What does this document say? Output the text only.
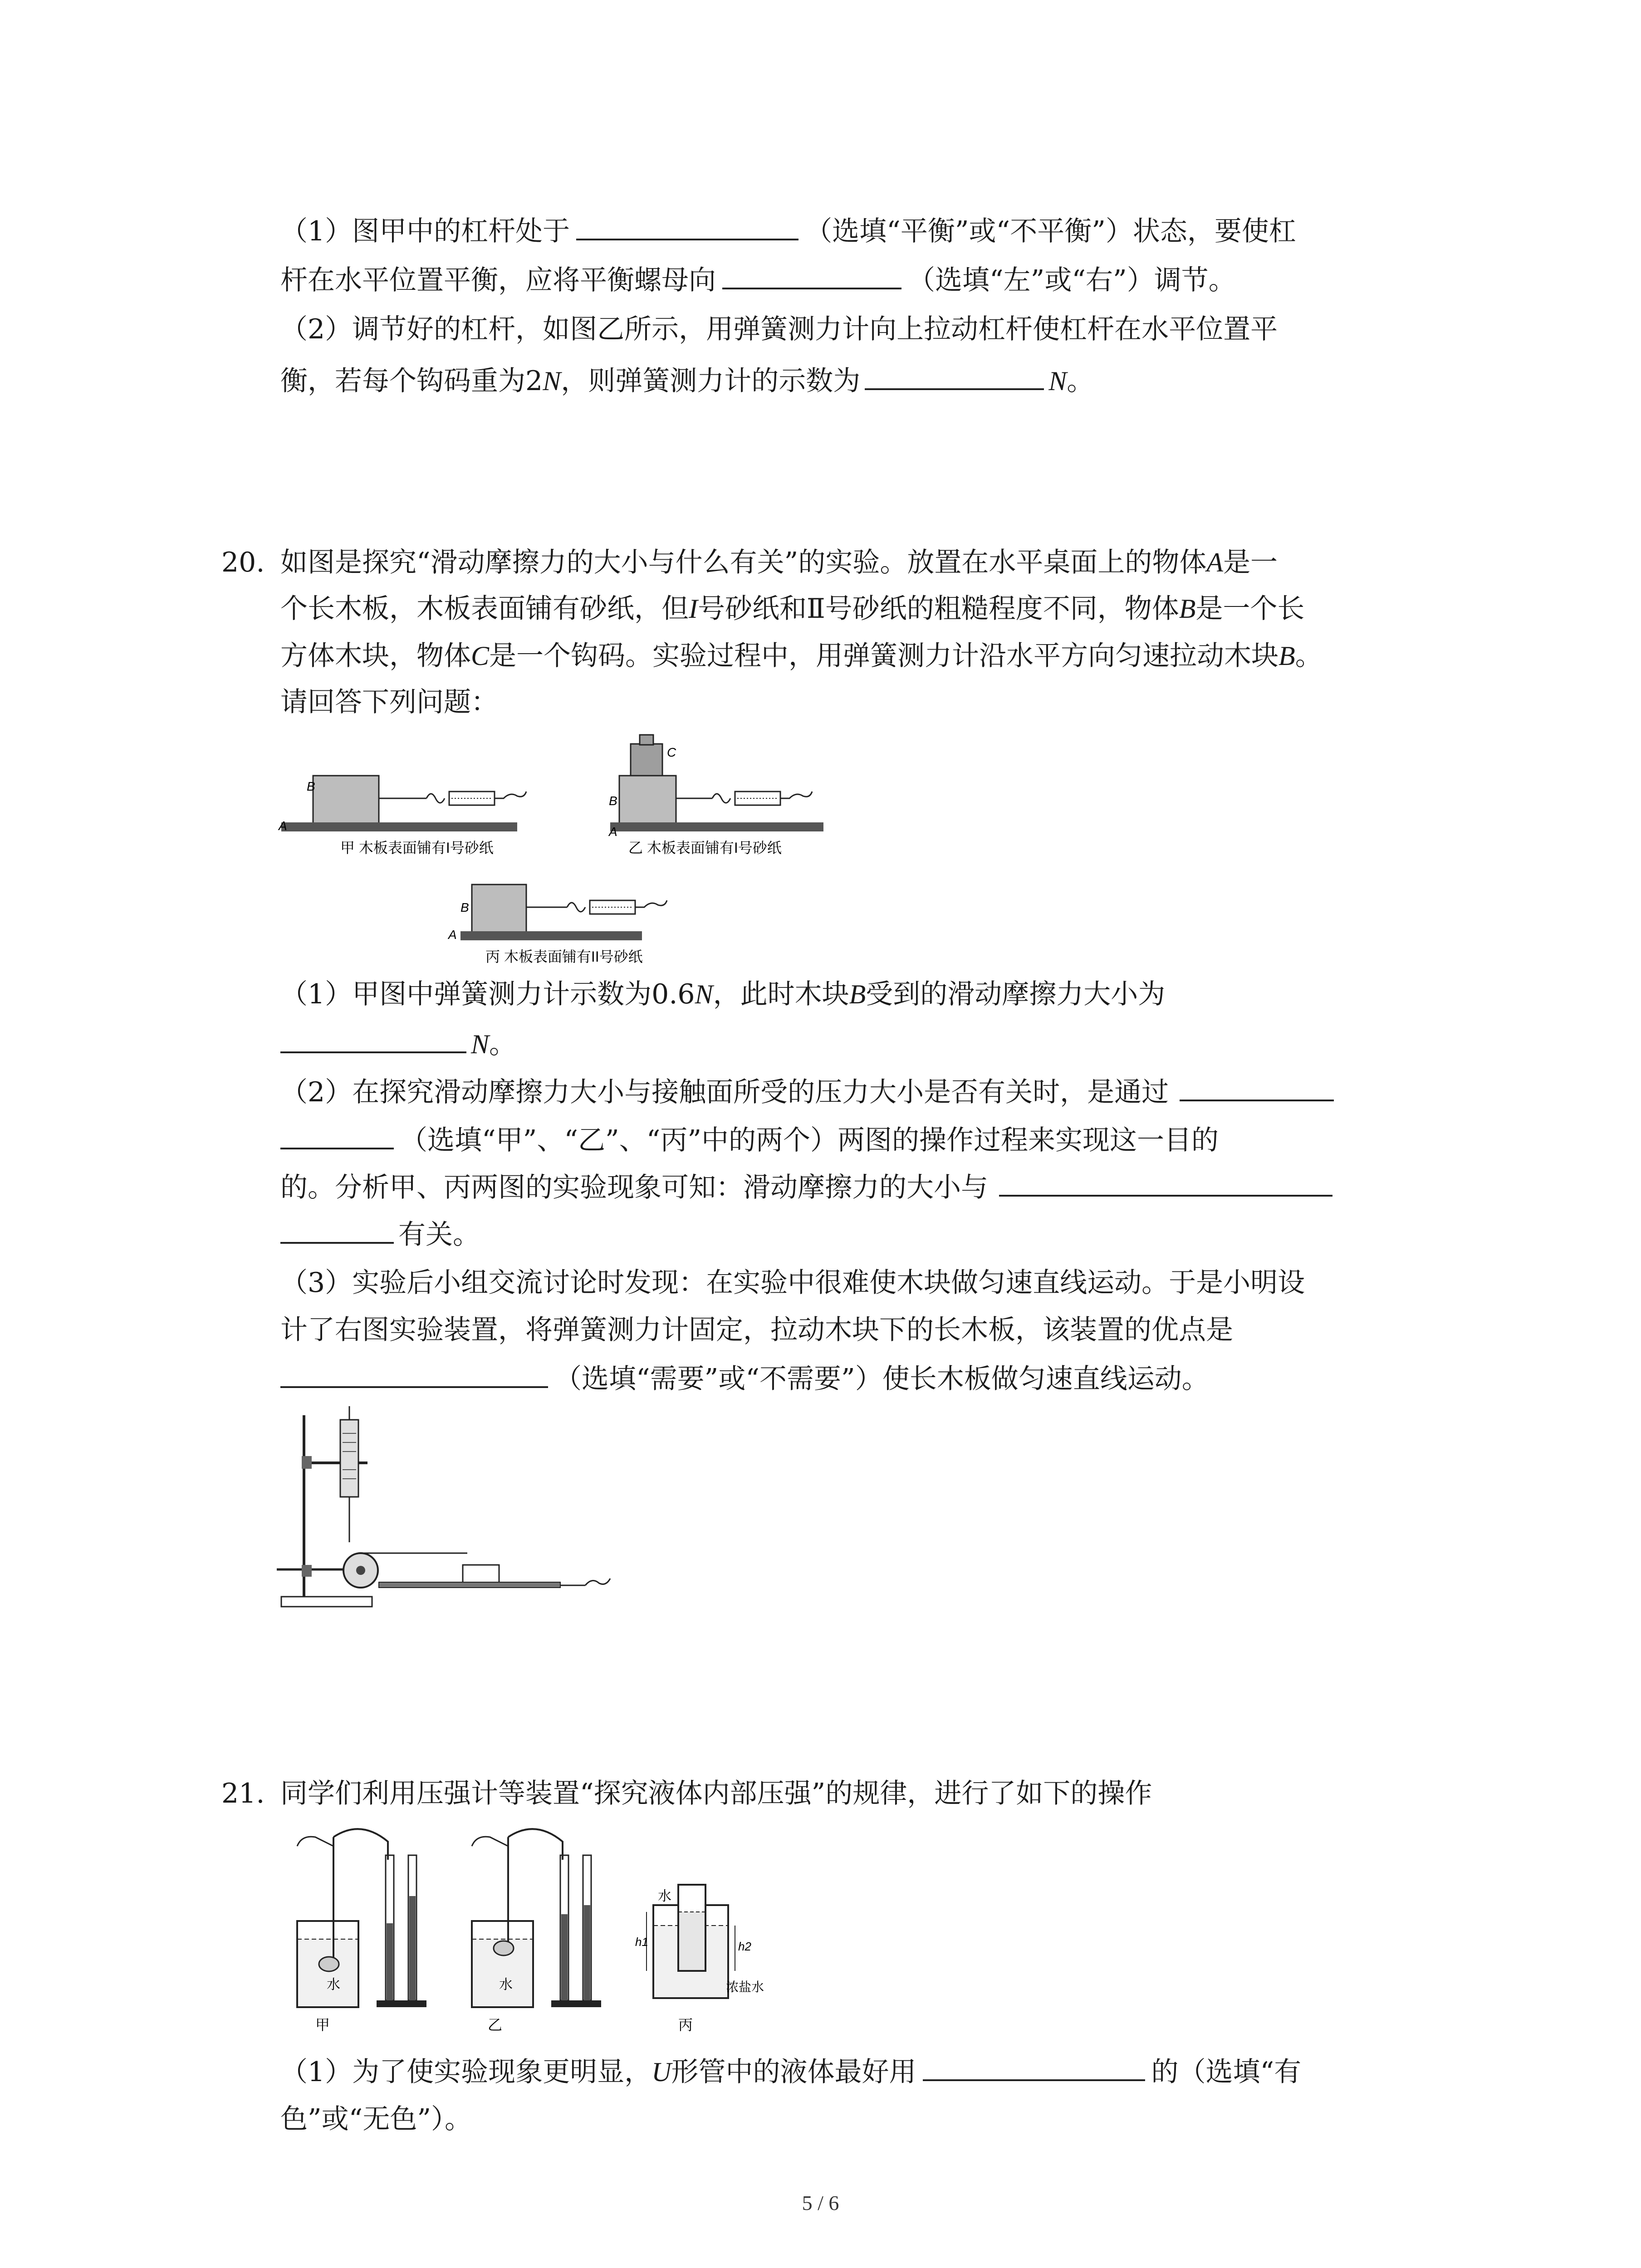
（1）图甲中的杠杆处于	（选填“平衡”或“不平衡”）状态，要使杠
杆在水平位置平衡，应将平衡螺母向	（选填“左”或“右”）调节。
（2）调节好的杠杆，如图乙所示，用弹簧测力计向上拉动杠杆使杠杆在水平位置平
衡，若每个钩码重为2N，则弹簧测力计的示数为	N。
20. 如图是探究“滑动摩擦力的大小与什么有关”的实验。放置在水平桌面上的物体A是一
个长木板，木板表面铺有砂纸，但I号砂纸和Ⅱ号砂纸的粗糙程度不同，物体B是一个长
方体木块，物体C是一个钩码。实验过程中，用弹簧测力计沿水平方向匀速拉动木块B。
请回答下列问题：
B
A
甲 木板表面铺有I号砂纸
C
B
A
乙 木板表面铺有I号砂纸
B
A
丙 木板表面铺有II号砂纸
（1）甲图中弹簧测力计示数为0.6N，此时木块B受到的滑动摩擦力大小为
N。
（2）在探究滑动摩擦力大小与接触面所受的压力大小是否有关时，是通过
（选填“甲”、“乙”、“丙”中的两个）两图的操作过程来实现这一目的
的。分析甲、丙两图的实验现象可知：滑动摩擦力的大小与
有关。
（3）实验后小组交流讨论时发现：在实验中很难使木块做匀速直线运动。于是小明设
计了右图实验装置，将弹簧测力计固定，拉动木块下的长木板，该装置的优点是
（选填“需要”或“不需要”）使长木板做匀速直线运动。
21. 同学们利用压强计等装置“探究液体内部压强”的规律，进行了如下的操作
水
甲
水
乙
h1	h2
水
浓盐水
丙
（1）为了使实验现象更明显，U形管中的液体最好用	的（选填“有
色”或“无色”）。
5 / 6
